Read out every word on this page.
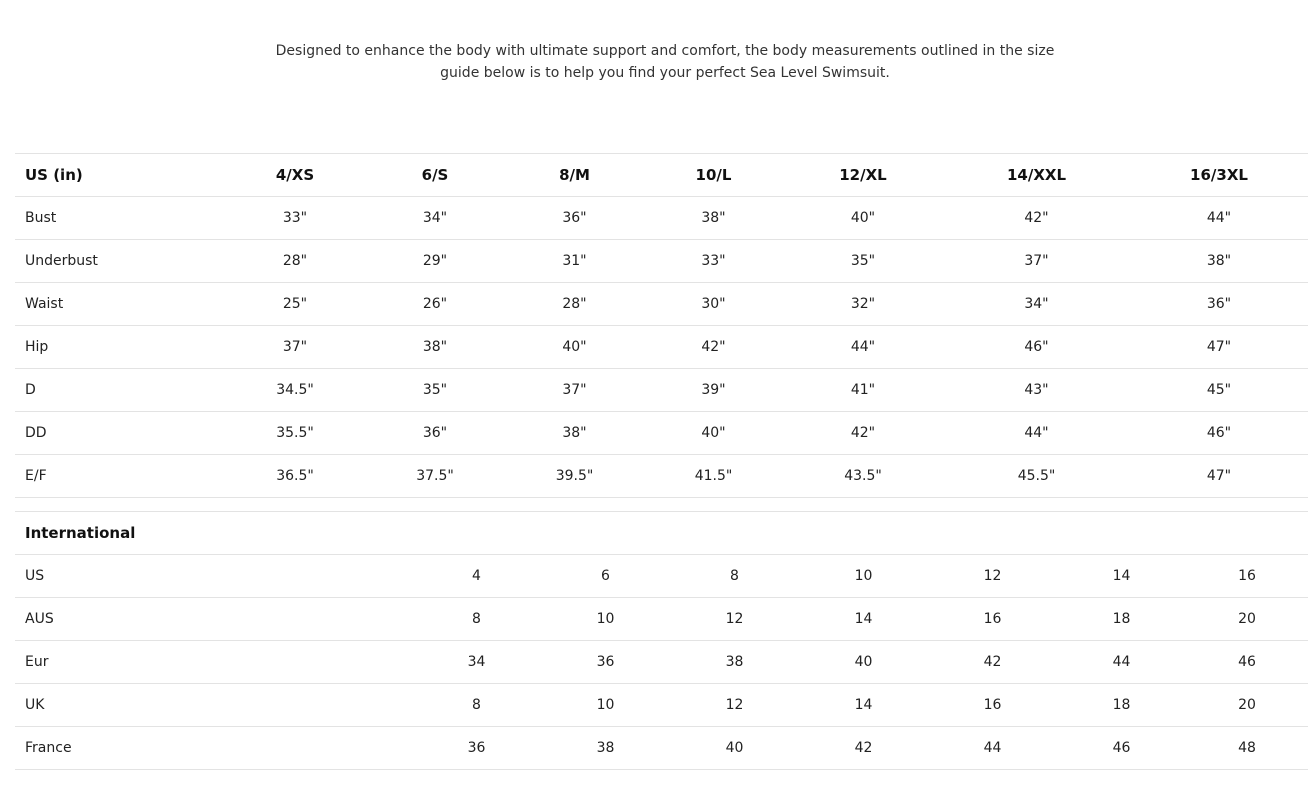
Designed to enhance the body with ultimate support and comfort, the body measurements outlined in the size
guide below is to help you find your perfect Sea Level Swimsuit.
US (in)	4/XS	6/S	8/M	10/L	12/XL	14/XXL	16/3XL
Bust	33"	34"	36"	38"	40"	42"	44"
Underbust	28"	29"	31"	33"	35"	37"	38"
Waist	25"	26"	28"	30"	32"	34"	36"
Hip	37"	38"	40"	42"	44"	46"	47"
D	34.5"	35"	37"	39"	41"	43"	45"
DD	35.5"	36"	38"	40"	42"	44"	46"
E/F	36.5"	37.5"	39.5"	41.5"	43.5"	45.5"	47"
International							
US	4	6	8	10	12	14	16
AUS	8	10	12	14	16	18	20
Eur	34	36	38	40	42	44	46
UK	8	10	12	14	16	18	20
France	36	38	40	42	44	46	48
